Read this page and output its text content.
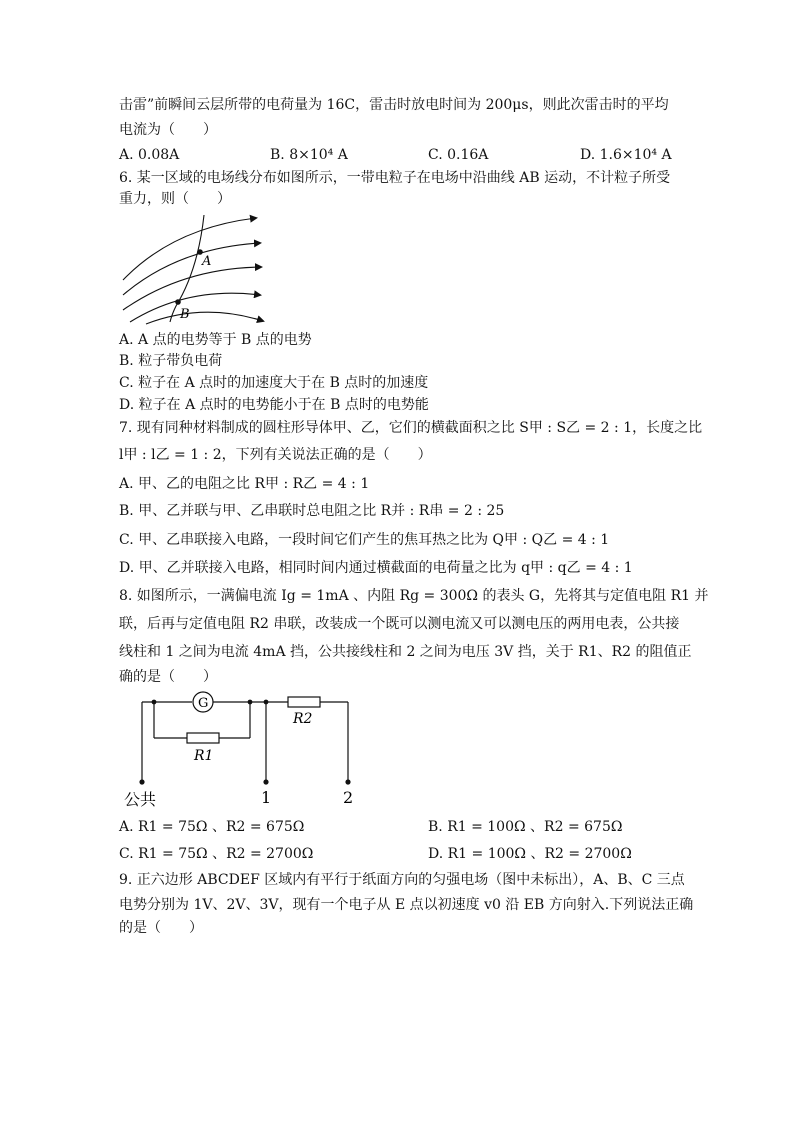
击雷”前瞬间云层所带的电荷量为 16C，雷击时放电时间为 200μs，则此次雷击时的平均
电流为（　　）
A. 0.08A	B. 8×10⁴ A	C. 0.16A	D. 1.6×10⁴ A
6. 某一区域的电场线分布如图所示，一带电粒子在电场中沿曲线 AB 运动，不计粒子所受
重力，则（　　）
A
B
A. A 点的电势等于 B 点的电势
B. 粒子带负电荷
C. 粒子在 A 点时的加速度大于在 B 点时的加速度
D. 粒子在 A 点时的电势能小于在 B 点时的电势能
7. 现有同种材料制成的圆柱形导体甲、乙，它们的横截面积之比 S甲 : S乙 = 2 : 1，长度之比
l甲 : l乙 = 1 : 2，下列有关说法正确的是（　　）
A. 甲、乙的电阻之比 R甲 : R乙 = 4 : 1
B. 甲、乙并联与甲、乙串联时总电阻之比 R并 : R串 = 2 : 25
C. 甲、乙串联接入电路，一段时间它们产生的焦耳热之比为 Q甲 : Q乙 = 4 : 1
D. 甲、乙并联接入电路，相同时间内通过横截面的电荷量之比为 q甲 : q乙 = 4 : 1
8. 如图所示，一满偏电流 Ig = 1mA 、内阻 Rg = 300Ω 的表头 G，先将其与定值电阻 R1 并
联，后再与定值电阻 R2 串联，改装成一个既可以测电流又可以测电压的两用电表，公共接
线柱和 1 之间为电流 4mA 挡，公共接线柱和 2 之间为电压 3V 挡，关于 R1、R2 的阻值正
确的是（　　）
G
R2
R1
公共	1	2
A. R1 = 75Ω 、R2 = 675Ω	B. R1 = 100Ω 、R2 = 675Ω
C. R1 = 75Ω 、R2 = 2700Ω	D. R1 = 100Ω 、R2 = 2700Ω
9. 正六边形 ABCDEF 区域内有平行于纸面方向的匀强电场（图中未标出），A、B、C 三点
电势分别为 1V、2V、3V，现有一个电子从 E 点以初速度 v0 沿 EB 方向射入.下列说法正确
的是（　　）
